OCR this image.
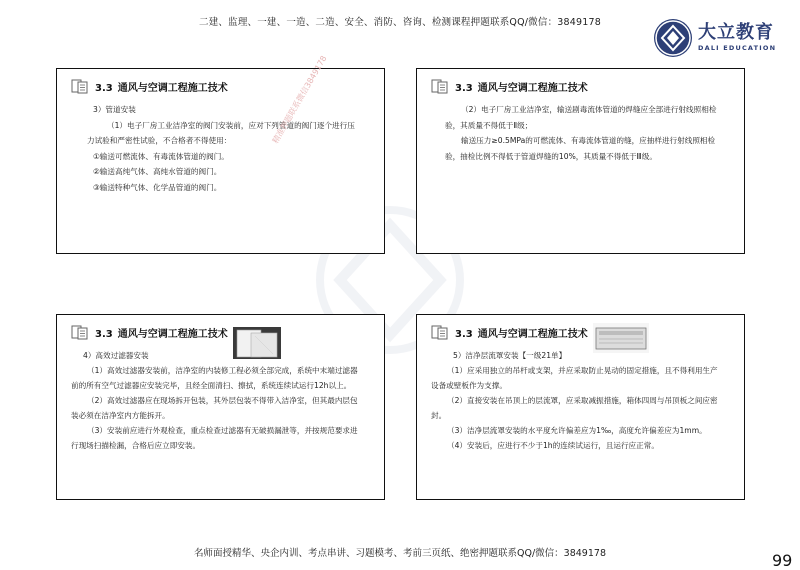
二建、监理、一建、一造、二造、安全、消防、咨询、检测课程押题联系QQ/微信：3849178	大立教育
DALI EDUCATION
3.3 通风与空调工程施工技术

3）管道安装

（1）电子厂房工业洁净室的阀门安装前，应对下列管道的阀门逐个进行压力试验和严密性试验，不合格者不得使用：

①输送可燃流体、有毒流体管道的阀门。

②输送高纯气体、高纯水管道的阀门。

③输送特种气体、化学品管道的阀门。

3.3 通风与空调工程施工技术

（2）电子厂房工业洁净室，输送剧毒流体管道的焊缝应全部进行射线照相检验，其质量不得低于Ⅱ级；

输送压力≥0.5MPa的可燃流体、有毒流体管道的缝，应抽样进行射线照相检验，抽检比例不得低于管道焊缝的10%，其质量不得低于Ⅲ级。

3.3 通风与空调工程施工技术

4）高效过滤器安装

（1）高效过滤器安装前，洁净室的内装修工程必须全部完成，系统中末端过滤器前的所有空气过滤器应安装完毕，且经全面清扫、擦拭，系统连续试运行12h以上。

（2）高效过滤器应在现场拆开包装，其外层包装不得带入洁净室，但其最内层包装必须在洁净室内方能拆开。

（3）安装前应进行外观检查，重点检查过滤器有无破损漏泄等，并按规范要求进行现场扫描检漏，合格后应立即安装。

3.3 通风与空调工程施工技术

5）洁净层流罩安装【一级21单】

（1）应采用独立的吊杆或支架，并应采取防止晃动的固定措施，且不得利用生产设备或壁板作为支撑。

（2）直接安装在吊顶上的层流罩，应采取减振措施，箱体四周与吊顶板之间应密封。

（3）洁净层流罩安装的水平度允许偏差应为1‰，高度允许偏差应为1mm。

（4）安装后，应进行不少于1h的连续试运行，且运行应正常。

精准押题联系微信3849178
名师面授精华、央企内训、考点串讲、习题模考、考前三页纸、绝密押题联系QQ/微信：3849178	99
